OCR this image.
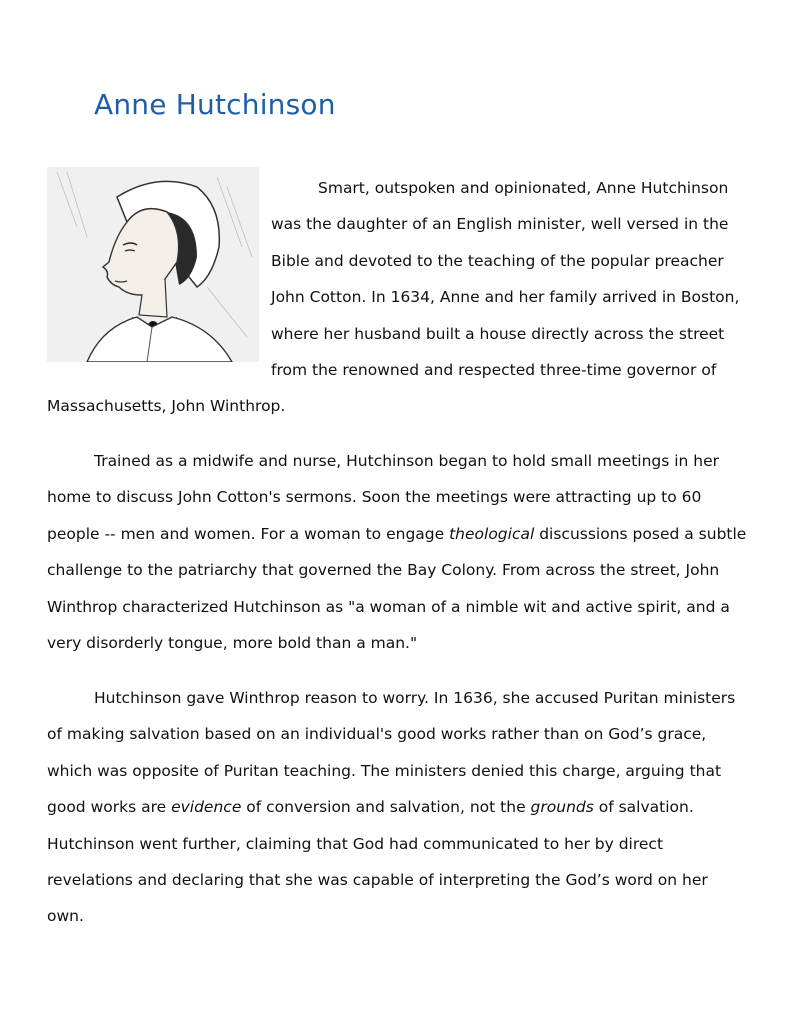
Anne Hutchinson

Smart, outspoken and opinionated, Anne Hutchinson was the daughter of an English minister, well versed in the Bible and devoted to the teaching of the popular preacher John Cotton. In 1634, Anne and her family arrived in Boston, where her husband built a house directly across the street from the renowned and respected three-time governor of Massachusetts, John Winthrop.

Trained as a midwife and nurse, Hutchinson began to hold small meetings in her home to discuss John Cotton's sermons. Soon the meetings were attracting up to 60 people -- men and women. For a woman to engage theological discussions posed a subtle challenge to the patriarchy that governed the Bay Colony. From across the street, John Winthrop characterized Hutchinson as "a woman of a nimble wit and active spirit, and a very disorderly tongue, more bold than a man."

Hutchinson gave Winthrop reason to worry. In 1636, she accused Puritan ministers of making salvation based on an individual's good works rather than on God’s grace, which was opposite of Puritan teaching. The ministers denied this charge, arguing that good works are evidence of conversion and salvation, not the grounds of salvation. Hutchinson went further, claiming that God had communicated to her by direct revelations and declaring that she was capable of interpreting the God’s word on her own.
